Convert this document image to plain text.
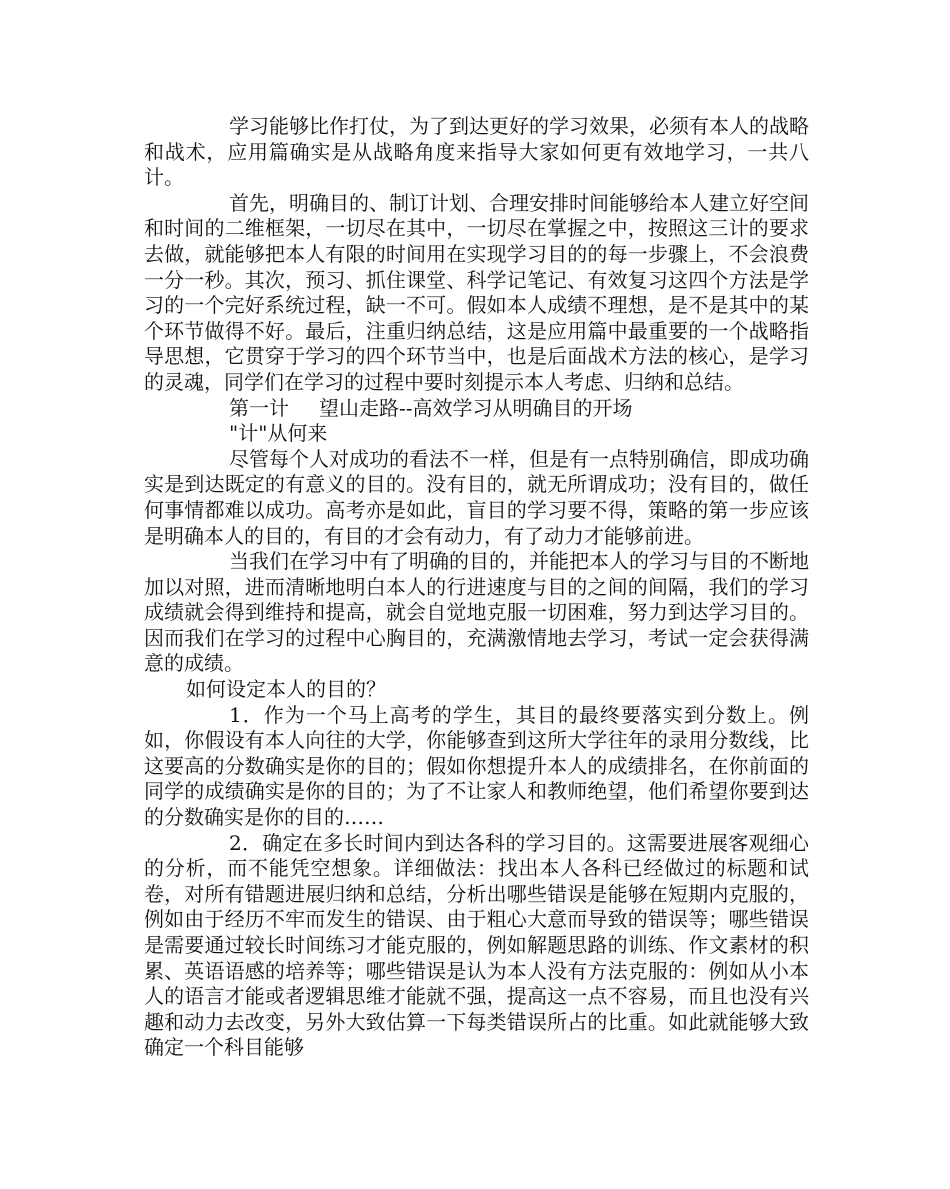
学习能够比作打仗，为了到达更好的学习效果，必须有本人的战略和战术，应用篇确实是从战略角度来指导大家如何更有效地学习，一共八计。

首先，明确目的、制订计划、合理安排时间能够给本人建立好空间和时间的二维框架，一切尽在其中，一切尽在掌握之中，按照这三计的要求去做，就能够把本人有限的时间用在实现学习目的的每一步骤上，不会浪费一分一秒。其次，预习、抓住课堂、科学记笔记、有效复习这四个方法是学习的一个完好系统过程，缺一不可。假如本人成绩不理想，是不是其中的某个环节做得不好。最后，注重归纳总结，这是应用篇中最重要的一个战略指导思想，它贯穿于学习的四个环节当中，也是后面战术方法的核心，是学习的灵魂，同学们在学习的过程中要时刻提示本人考虑、归纳和总结。

第一计 望山走路--高效学习从明确目的开场

"计"从何来

尽管每个人对成功的看法不一样，但是有一点特别确信，即成功确实是到达既定的有意义的目的。没有目的，就无所谓成功；没有目的，做任何事情都难以成功。高考亦是如此，盲目的学习要不得，策略的第一步应该是明确本人的目的，有目的才会有动力，有了动力才能够前进。

当我们在学习中有了明确的目的，并能把本人的学习与目的不断地加以对照，进而清晰地明白本人的行进速度与目的之间的间隔，我们的学习成绩就会得到维持和提高，就会自觉地克服一切困难，努力到达学习目的。因而我们在学习的过程中心胸目的，充满激情地去学习，考试一定会获得满意的成绩。

如何设定本人的目的？

1．作为一个马上高考的学生，其目的最终要落实到分数上。例如，你假设有本人向往的大学，你能够查到这所大学往年的录用分数线，比这要高的分数确实是你的目的；假如你想提升本人的成绩排名，在你前面的同学的成绩确实是你的目的；为了不让家人和教师绝望，他们希望你要到达的分数确实是你的目的……

2．确定在多长时间内到达各科的学习目的。这需要进展客观细心的分析，而不能凭空想象。详细做法：找出本人各科已经做过的标题和试卷，对所有错题进展归纳和总结，分析出哪些错误是能够在短期内克服的，例如由于经历不牢而发生的错误、由于粗心大意而导致的错误等；哪些错误是需要通过较长时间练习才能克服的，例如解题思路的训练、作文素材的积累、英语语感的培养等；哪些错误是认为本人没有方法克服的：例如从小本人的语言才能或者逻辑思维才能就不强，提高这一点不容易，而且也没有兴趣和动力去改变，另外大致估算一下每类错误所占的比重。如此就能够大致确定一个科目能够
